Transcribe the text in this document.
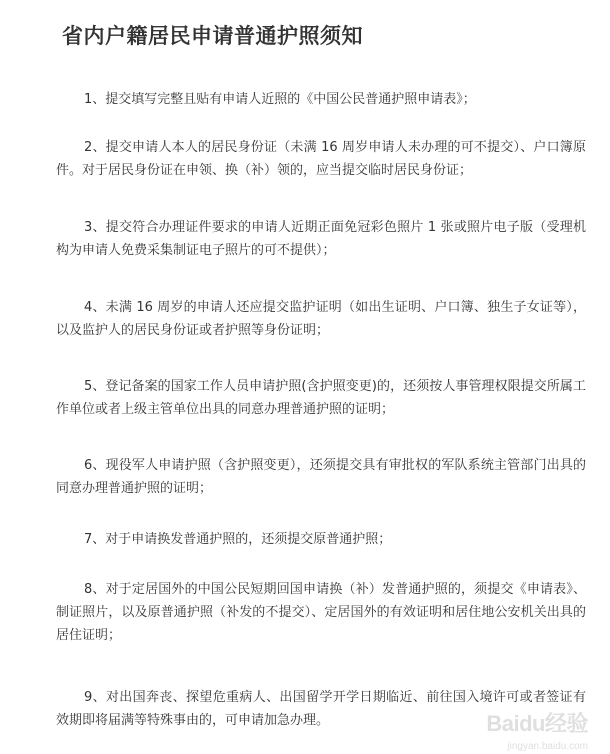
省内户籍居民申请普通护照须知

1、提交填写完整且贴有申请人近照的《中国公民普通护照申请表》；

2、提交申请人本人的居民身份证（未满 16 周岁申请人未办理的可不提交）、户口簿原件。对于居民身份证在申领、换（补）领的，应当提交临时居民身份证；

3、提交符合办理证件要求的申请人近期正面免冠彩色照片 1 张或照片电子版（受理机构为申请人免费采集制证电子照片的可不提供）；

4、未满 16 周岁的申请人还应提交监护证明（如出生证明、户口簿、独生子女证等），以及监护人的居民身份证或者护照等身份证明；

5、登记备案的国家工作人员申请护照(含护照变更)的，还须按人事管理权限提交所属工作单位或者上级主管单位出具的同意办理普通护照的证明；

6、现役军人申请护照（含护照变更），还须提交具有审批权的军队系统主管部门出具的同意办理普通护照的证明；

7、对于申请换发普通护照的，还须提交原普通护照；

8、对于定居国外的中国公民短期回国申请换（补）发普通护照的，须提交《申请表》、制证照片，以及原普通护照（补发的不提交）、定居国外的有效证明和居住地公安机关出具的居住证明；

9、对出国奔丧、探望危重病人、出国留学开学日期临近、前往国入境许可或者签证有效期即将届满等特殊事由的，可申请加急办理。	Baidu经验
jingyan.baidu.com
